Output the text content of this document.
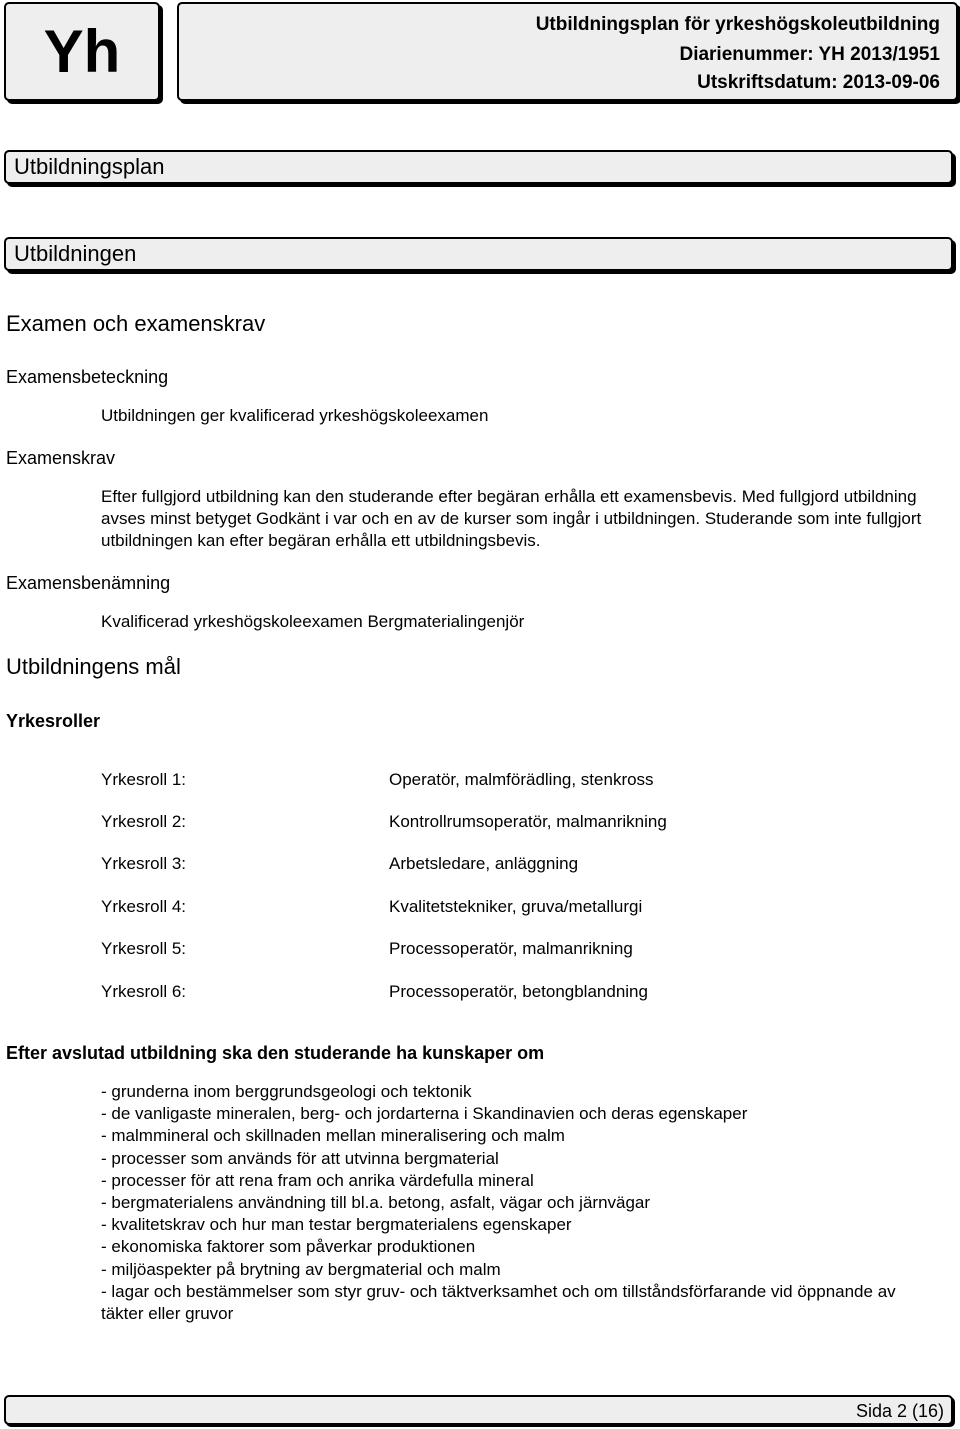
Yh	Utbildningsplan för yrkeshögskoleutbildning
Diarienummer: YH 2013/1951
Utskriftsdatum: 2013-09-06
Utbildningsplan
Utbildningen
Examen och examenskrav
Examensbeteckning
Utbildningen ger kvalificerad yrkeshögskoleexamen
Examenskrav
Efter fullgjord utbildning kan den studerande efter begäran erhålla ett examensbevis. Med fullgjord utbildning avses minst betyget Godkänt i var och en av de kurser som ingår i utbildningen. Studerande som inte fullgjort utbildningen kan efter begäran erhålla ett utbildningsbevis.
Examensbenämning
Kvalificerad yrkeshögskoleexamen Bergmaterialingenjör
Utbildningens mål
Yrkesroller
Yrkesroll 1:	Operatör, malmförädling, stenkross
Yrkesroll 2:	Kontrollrumsoperatör, malmanrikning
Yrkesroll 3:	Arbetsledare, anläggning
Yrkesroll 4:	Kvalitetstekniker, gruva/metallurgi
Yrkesroll 5:	Processoperatör, malmanrikning
Yrkesroll 6:	Processoperatör, betongblandning
Efter avslutad utbildning ska den studerande ha kunskaper om
- grunderna inom berggrundsgeologi och tektonik
- de vanligaste mineralen, berg- och jordarterna i Skandinavien och deras egenskaper
- malmmineral och skillnaden mellan mineralisering och malm
- processer som används för att utvinna bergmaterial
- processer för att rena fram och anrika värdefulla mineral
- bergmaterialens användning till bl.a. betong, asfalt, vägar och järnvägar
- kvalitetskrav och hur man testar bergmaterialens egenskaper
- ekonomiska faktorer som påverkar produktionen
- miljöaspekter på brytning av bergmaterial och malm
- lagar och bestämmelser som styr gruv- och täktverksamhet och om tillståndsförfarande vid öppnande av täkter eller gruvor
Sida 2 (16)
